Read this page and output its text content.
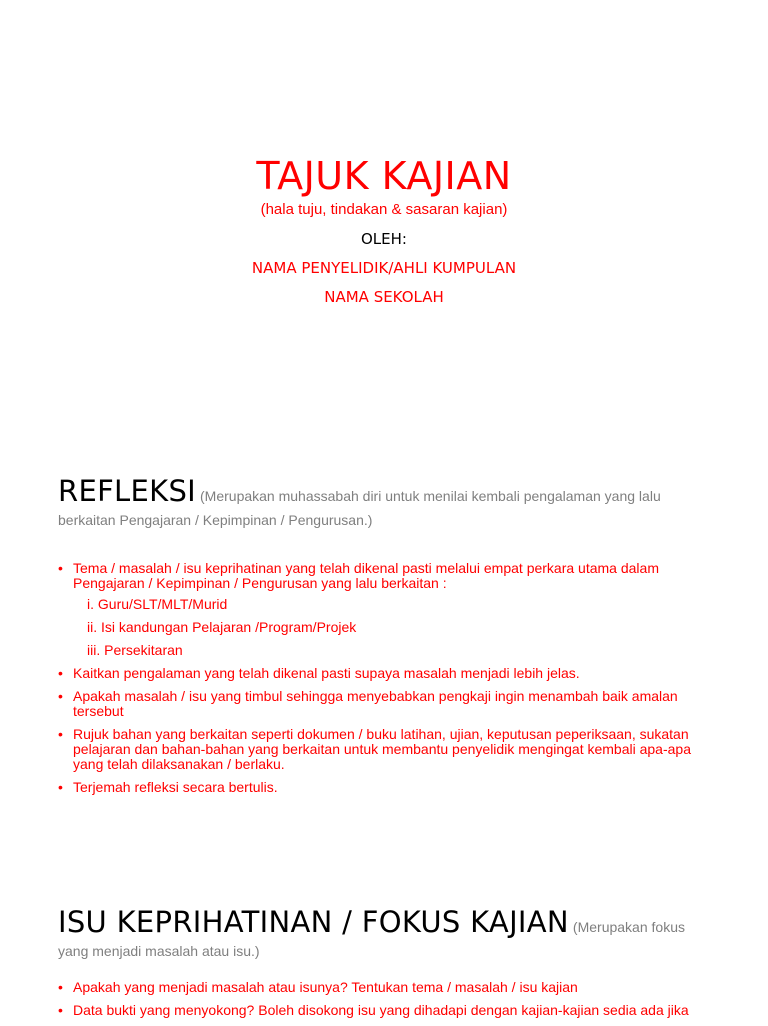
TAJUK KAJIAN
(hala tuju, tindakan & sasaran kajian)
OLEH:
NAMA PENYELIDIK/AHLI KUMPULAN
NAMA SEKOLAH
REFLEKSI (Merupakan muhassabah diri untuk menilai kembali pengalaman yang lalu
berkaitan Pengajaran / Kepimpinan / Pengurusan.)
• Tema / masalah / isu keprihatinan yang telah dikenal pasti melalui empat perkara utama dalam Pengajaran / Kepimpinan / Pengurusan yang lalu berkaitan :
i. Guru/SLT/MLT/Murid
ii. Isi kandungan Pelajaran /Program/Projek
iii. Persekitaran
• Kaitkan pengalaman yang telah dikenal pasti supaya masalah menjadi lebih jelas.
• Apakah masalah / isu yang timbul sehingga menyebabkan pengkaji ingin menambah baik amalan tersebut
• Rujuk bahan yang berkaitan seperti dokumen / buku latihan, ujian, keputusan peperiksaan, sukatan pelajaran dan bahan-bahan yang berkaitan untuk membantu penyelidik mengingat kembali apa-apa yang telah dilaksanakan / berlaku.
• Terjemah refleksi secara bertulis.
ISU KEPRIHATINAN / FOKUS KAJIAN (Merupakan fokus
yang menjadi masalah atau isu.)
• Apakah yang menjadi masalah atau isunya? Tentukan tema / masalah / isu kajian
• Data bukti yang menyokong? Boleh disokong isu yang dihadapi dengan kajian-kajian sedia ada jika
